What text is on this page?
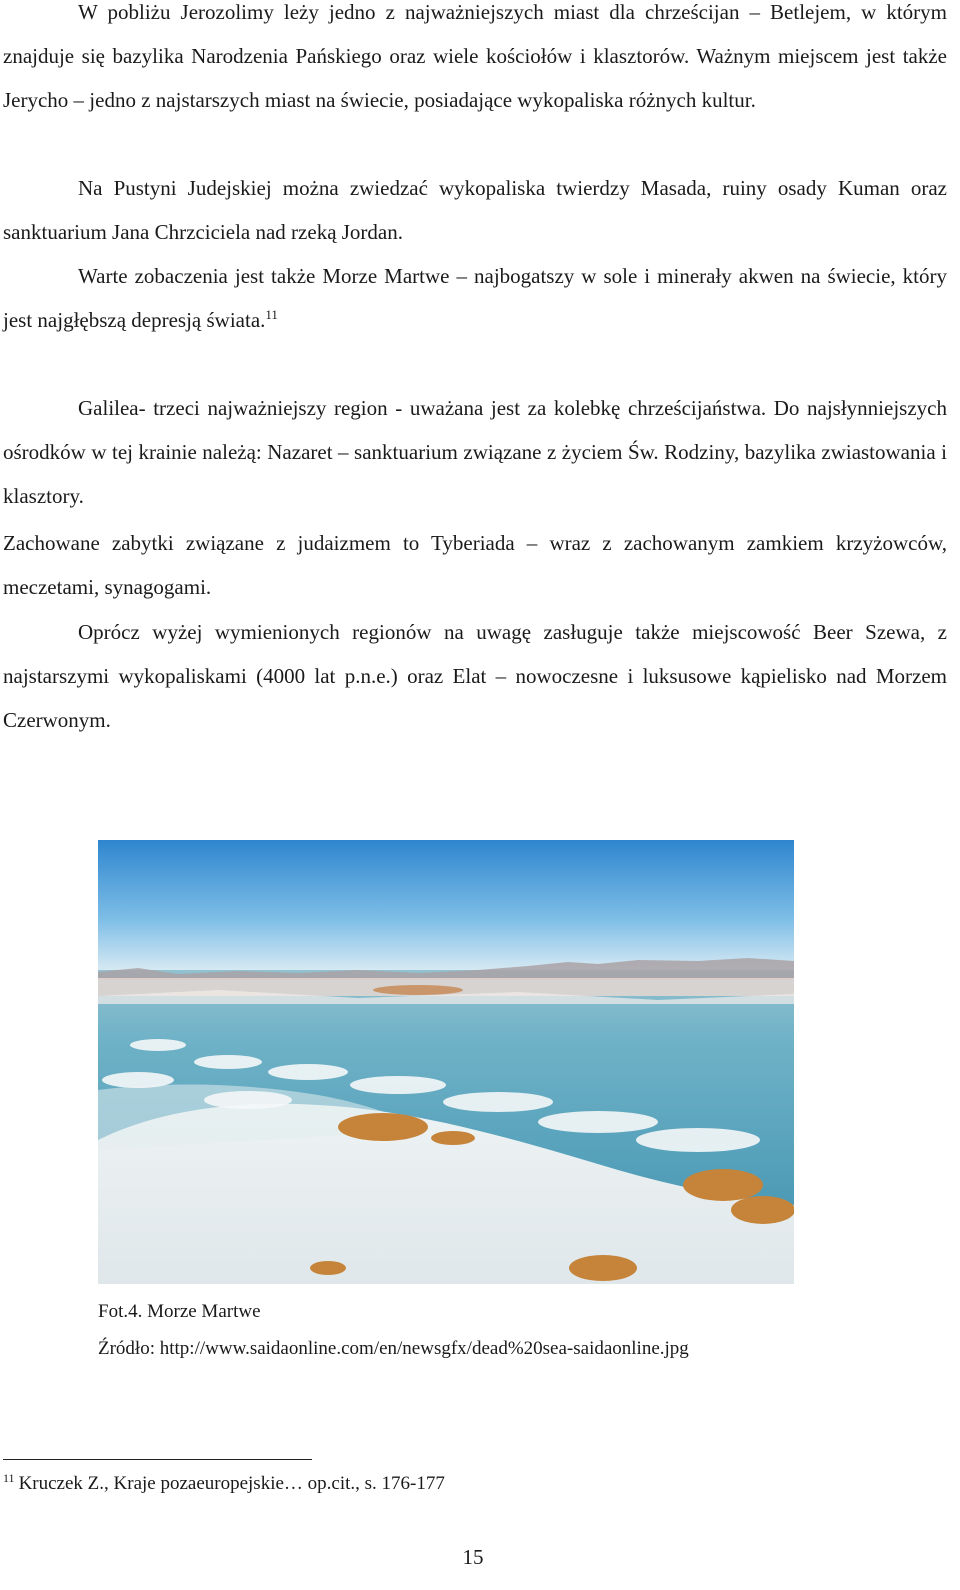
W pobliżu Jerozolimy leży jedno z najważniejszych miast dla chrześcijan – Betlejem, w którym znajduje się bazylika Narodzenia Pańskiego oraz wiele kościołów i klasztorów. Ważnym miejscem jest także Jerycho – jedno z najstarszych miast na świecie, posiadające wykopaliska różnych kultur.

Na Pustyni Judejskiej można zwiedzać wykopaliska twierdzy Masada, ruiny osady Kuman oraz sanktuarium Jana Chrzciciela nad rzeką Jordan.

Warte zobaczenia jest także Morze Martwe – najbogatszy w sole i minerały akwen na świecie, który jest najgłębszą depresją świata.$^{11}$

Galilea- trzeci najważniejszy region - uważana jest za kolebkę chrześcijaństwa. Do najsłynniejszych ośrodków w tej krainie należą: Nazaret – sanktuarium związane z życiem Św. Rodziny, bazylika zwiastowania i klasztory.

Zachowane zabytki związane z judaizmem to Tyberiada – wraz z zachowanym zamkiem krzyżowców, meczetami, synagogami.

Oprócz wyżej wymienionych regionów na uwagę zasługuje także miejscowość Beer Szewa, z najstarszymi wykopaliskami (4000 lat p.n.e.) oraz Elat – nowoczesne i luksusowe kąpielisko nad Morzem Czerwonym.

Fot.4. Morze Martwe

Źródło: http://www.saidaonline.com/en/newsgfx/dead%20sea-saidaonline.jpg

$^{11}$ Kruczek Z., Kraje pozaeuropejskie… op.cit., s. 176-177

15
